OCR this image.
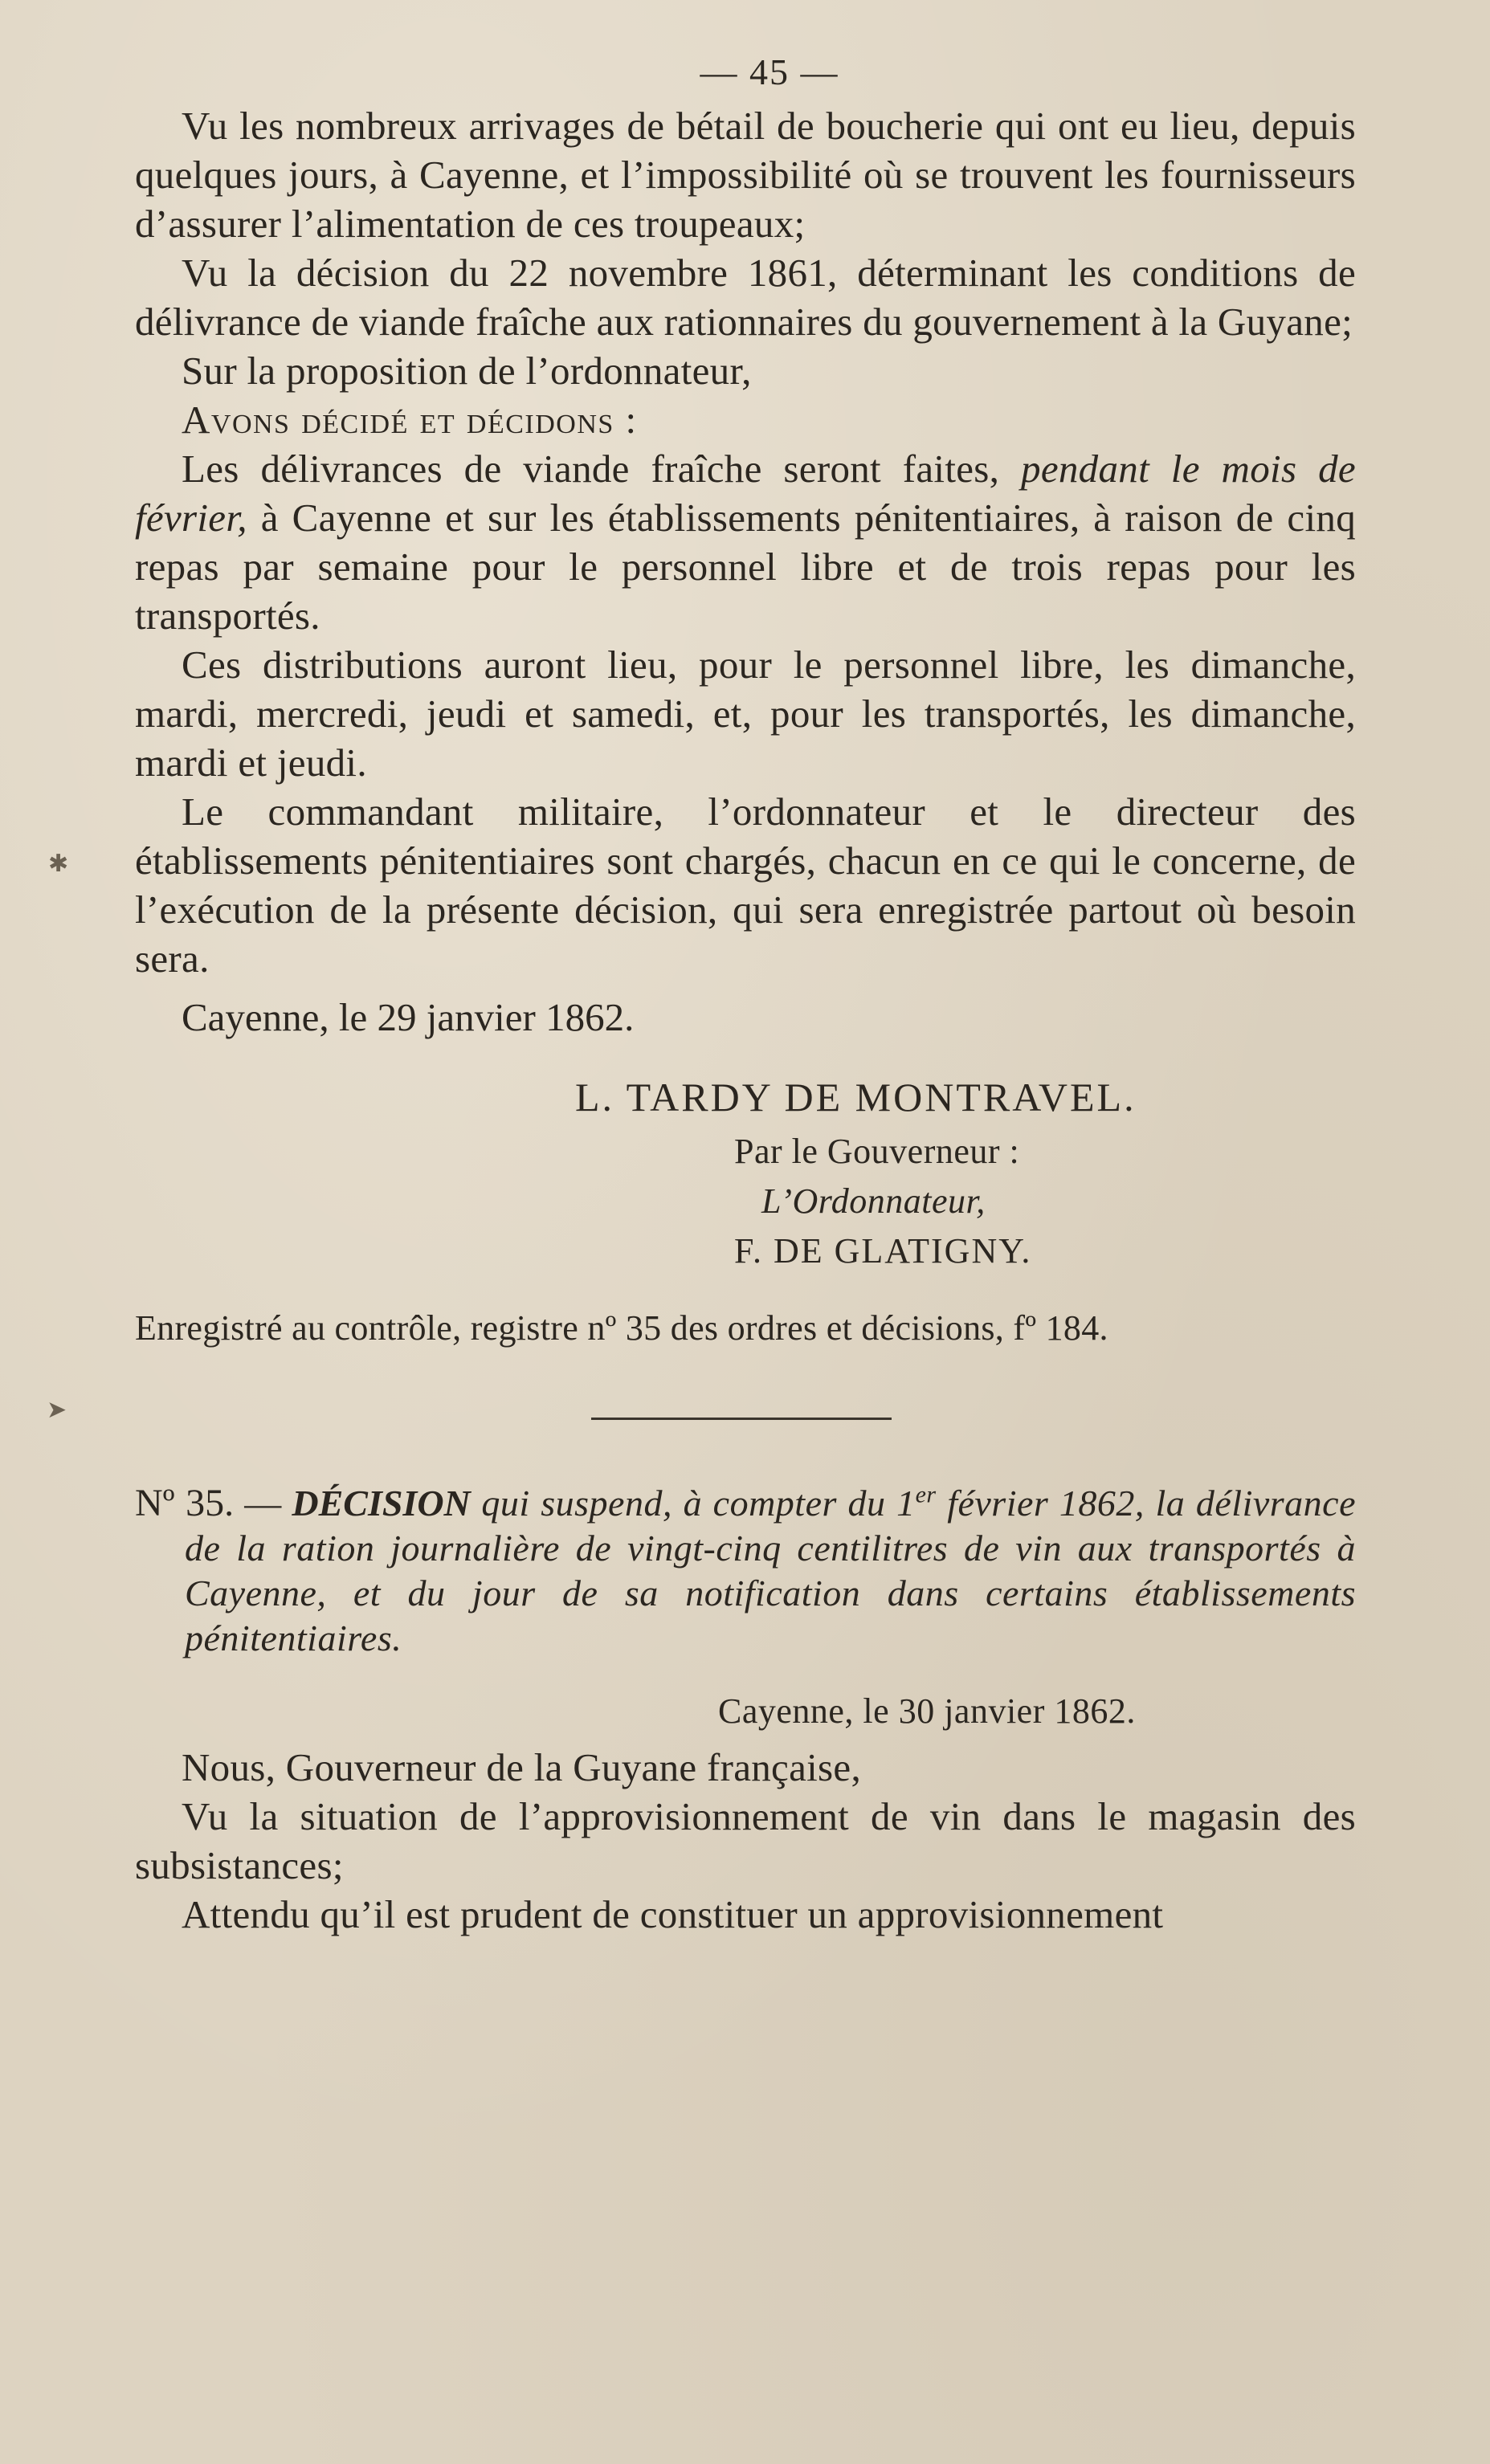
— 45 —

Vu les nombreux arrivages de bétail de boucherie qui ont eu lieu, depuis quelques jours, à Cayenne, et l’impossibilité où se trouvent les fournisseurs d’assurer l’alimentation de ces troupeaux;

Vu la décision du 22 novembre 1861, déterminant les conditions de délivrance de viande fraîche aux rationnaires du gouvernement à la Guyane;

Sur la proposition de l’ordonnateur,

Avons décidé et décidons :

Les délivrances de viande fraîche seront faites, pendant le mois de février, à Cayenne et sur les établissements pénitentiaires, à raison de cinq repas par semaine pour le personnel libre et de trois repas pour les transportés.

Ces distributions auront lieu, pour le personnel libre, les dimanche, mardi, mercredi, jeudi et samedi, et, pour les transportés, les dimanche, mardi et jeudi.

Le commandant militaire, l’ordonnateur et le directeur des établissements pénitentiaires sont chargés, chacun en ce qui le concerne, de l’exécution de la présente décision, qui sera enregistrée partout où besoin sera.

Cayenne, le 29 janvier 1862.
L. TARDY DE MONTRAVEL.
Par le Gouverneur :
L’Ordonnateur,
F. DE GLATIGNY.
Enregistré au contrôle, registre nº 35 des ordres et décisions, fº 184.
Nº 35. — DÉCISION qui suspend, à compter du 1er février 1862, la délivrance de la ration journalière de vingt-cinq centilitres de vin aux transportés à Cayenne, et du jour de sa notification dans certains établissements pénitentiaires.
Cayenne, le 30 janvier 1862.

Nous, Gouverneur de la Guyane française,

Vu la situation de l’approvisionnement de vin dans le magasin des subsistances;

Attendu qu’il est prudent de constituer un approvisionnement

✱
➤
